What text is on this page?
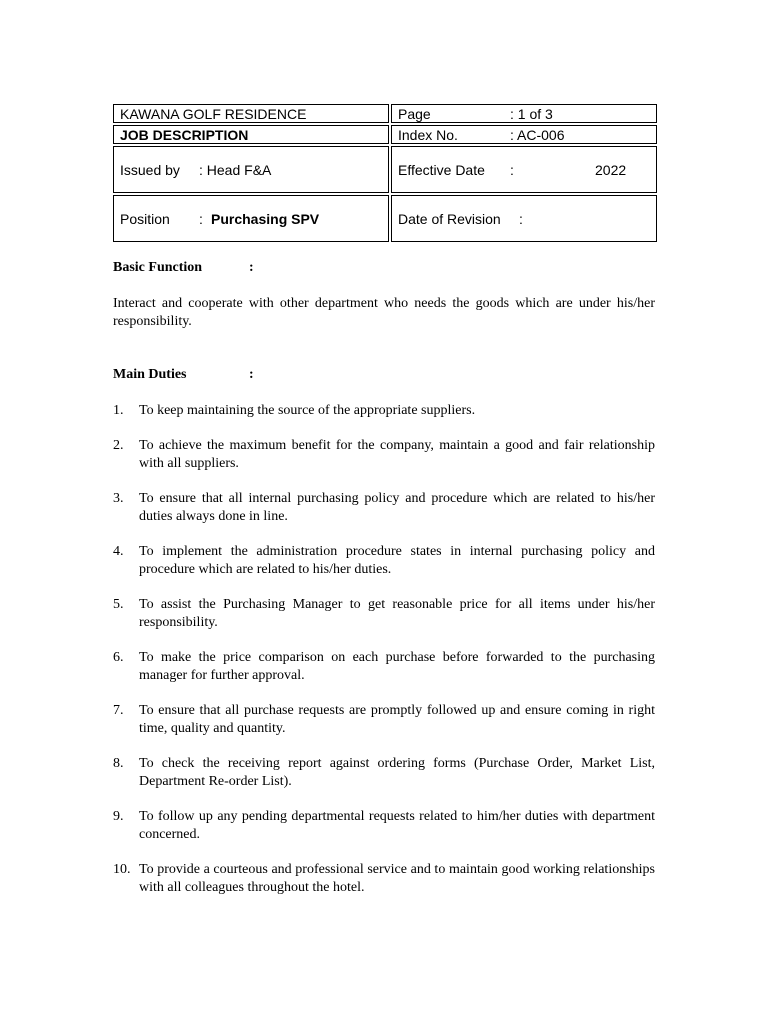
KAWANA GOLF RESIDENCE	Page : 1 of 3

JOB DESCRIPTION	Index No. : AC-006

Issued by : Head F&A	Effective Date : 2022

Position : Purchasing SPV	Date of Revision :
Basic Function	:
Interact and cooperate with other department who needs the goods which are under his/her responsibility.
Main Duties	:
1. To keep maintaining the source of the appropriate suppliers.
2. To achieve the maximum benefit for the company, maintain a good and fair relationship with all suppliers.
3. To ensure that all internal purchasing policy and procedure which are related to his/her duties always done in line.
4. To implement the administration procedure states in internal purchasing policy and procedure which are related to his/her duties.
5. To assist the Purchasing Manager to get reasonable price for all items under his/her responsibility.
6. To make the price comparison on each purchase before forwarded to the purchasing manager for further approval.
7. To ensure that all purchase requests are promptly followed up and ensure coming in right time, quality and quantity.
8. To check the receiving report against ordering forms (Purchase Order, Market List, Department Re-order List).
9. To follow up any pending departmental requests related to him/her duties with department concerned.
10. To provide a courteous and professional service and to maintain good working relationships with all colleagues throughout the hotel.
